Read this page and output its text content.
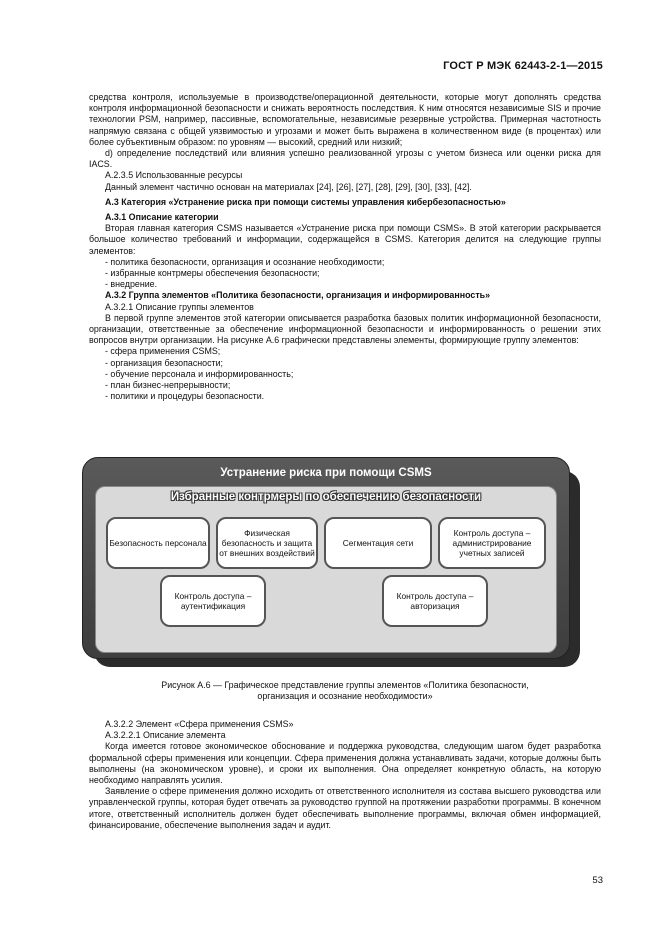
ГОСТ Р МЭК 62443-2-1—2015

средства контроля, используемые в производстве/операционной деятельности, которые могут дополнять средства контроля информационной безопасности и снижать вероятность последствия. К ним относятся независимые SIS и прочие технологии PSM, например, пассивные, вспомогательные, независимые резервные устройства. Примерная частотность напрямую связана с общей уязвимостью и угрозами и может быть выражена в количественном виде (в процентах) или более субъективным образом: по уровням — высокий, средний или низкий;

d) определение последствий или влияния успешно реализованной угрозы с учетом бизнеса или оценки риска для IACS.

А.2.3.5 Использованные ресурсы

Данный элемент частично основан на материалах [24], [26], [27], [28], [29], [30], [33], [42].

А.3 Категория «Устранение риска при помощи системы управления кибербезопасностью»

А.3.1 Описание категории

Вторая главная категория CSMS называется «Устранение риска при помощи CSMS». В этой категории раскрывается большое количество требований и информации, содержащейся в CSMS. Категория делится на следующие группы элементов:

- политика безопасности, организация и осознание необходимости;

- избранные контрмеры обеспечения безопасности;

- внедрение.

А.3.2 Группа элементов «Политика безопасности, организация и информированность»

А.3.2.1 Описание группы элементов

В первой группе элементов этой категории описывается разработка базовых политик информационной безопасности, организации, ответственные за обеспечение информационной безопасности и информированность о решении этих вопросов внутри организации. На рисунке А.6 графически представлены элементы, формирующие группу элементов:

- сфера применения CSMS;

- организация безопасности;

- обучение персонала и информированность;

- план бизнес-непрерывности;

- политики и процедуры безопасности.

Устранение риска при помощи CSMS
Избранные контрмеры по обеспечению безопасности
Безопасность персонала
Физическая безопасность и защита от внешних воздействий
Сегментация сети
Контроль доступа – администрирование учетных записей
Контроль доступа – аутентификация
Контроль доступа – авторизация
Рисунок А.6 — Графическое представление группы элементов «Политика безопасности,
организация и осознание необходимости»

А.3.2.2 Элемент «Сфера применения CSMS»

А.3.2.2.1 Описание элемента

Когда имеется готовое экономическое обоснование и поддержка руководства, следующим шагом будет разработка формальной сферы применения или концепции. Сфера применения должна устанавливать задачи, которые должны быть выполнены (на экономическом уровне), и сроки их выполнения. Она определяет конкретную область, на которую необходимо направлять усилия.

Заявление о сфере применения должно исходить от ответственного исполнителя из состава высшего руководства или управленческой группы, которая будет отвечать за руководство группой на протяжении разработки программы. В конечном итоге, ответственный исполнитель должен будет обеспечивать выполнение программы, включая обмен информацией, финансирование, обеспечение выполнения задач и аудит.

53
